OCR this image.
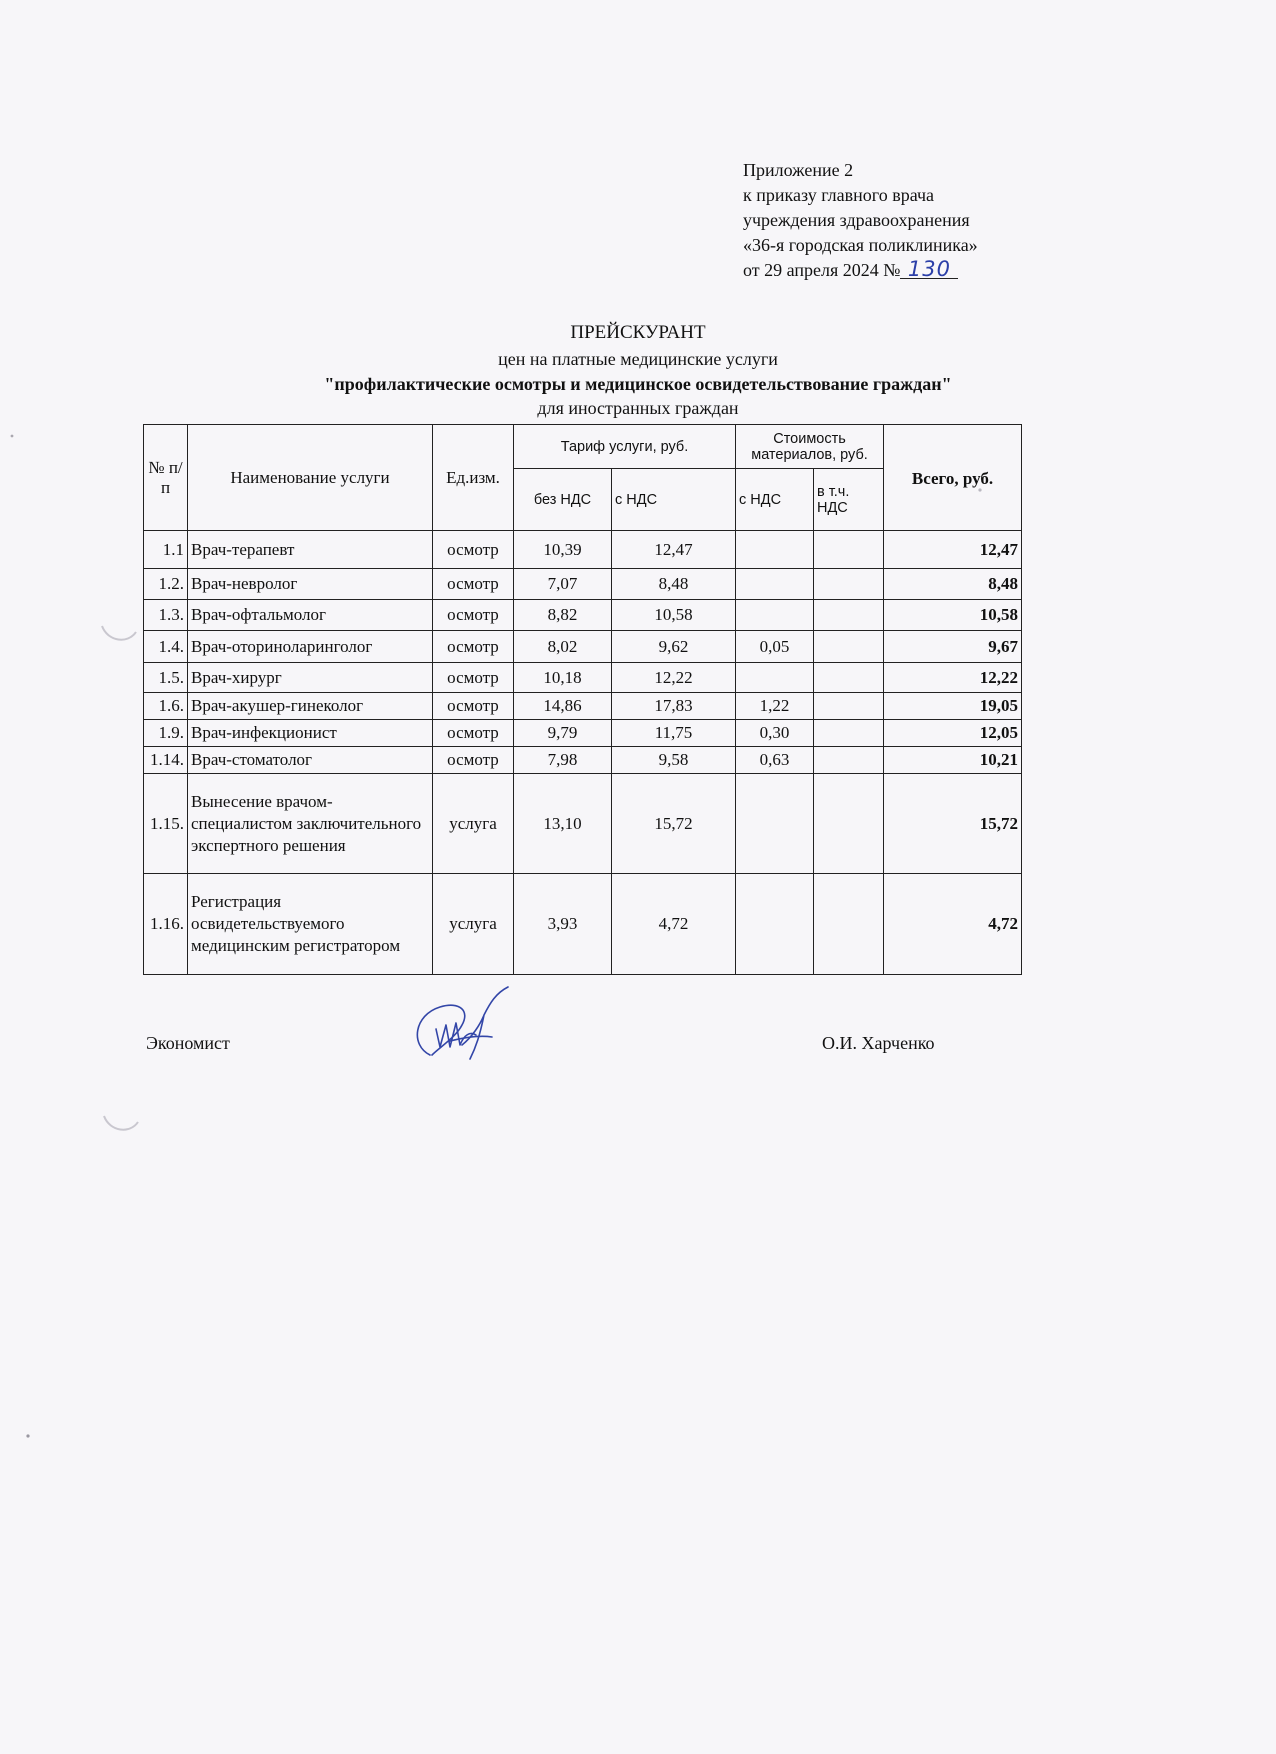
Приложение 2
к приказу главного врача
учреждения здравоохранения
«36-я городская поликлиника»
от 29 апреля 2024 № 130
ПРЕЙСКУРАНТ
цен на платные медицинские услуги
"профилактические осмотры и медицинское освидетельствование граждан"
для иностранных граждан
№ п/п	Наименование услуги	Ед.изм.	Тариф услуги, руб.		Стоимость материалов, руб.		Всего, руб.
			без НДС	с НДС	с НДС	в т.ч. НДС	
1.1	Врач-терапевт	осмотр	10,39	12,47			12,47
1.2.	Врач-невролог	осмотр	7,07	8,48			8,48
1.3.	Врач-офтальмолог	осмотр	8,82	10,58			10,58
1.4.	Врач-оториноларинголог	осмотр	8,02	9,62	0,05		9,67
1.5.	Врач-хирург	осмотр	10,18	12,22			12,22
1.6.	Врач-акушер-гинеколог	осмотр	14,86	17,83	1,22		19,05
1.9.	Врач-инфекционист	осмотр	9,79	11,75	0,30		12,05
1.14.	Врач-стоматолог	осмотр	7,98	9,58	0,63		10,21
1.15.	Вынесение врачом-специалистом заключительного экспертного решения	услуга	13,10	15,72			15,72
1.16.	Регистрация освидетельствуемого медицинским регистратором	услуга	3,93	4,72			4,72
Экономист	О.И. Харченко
